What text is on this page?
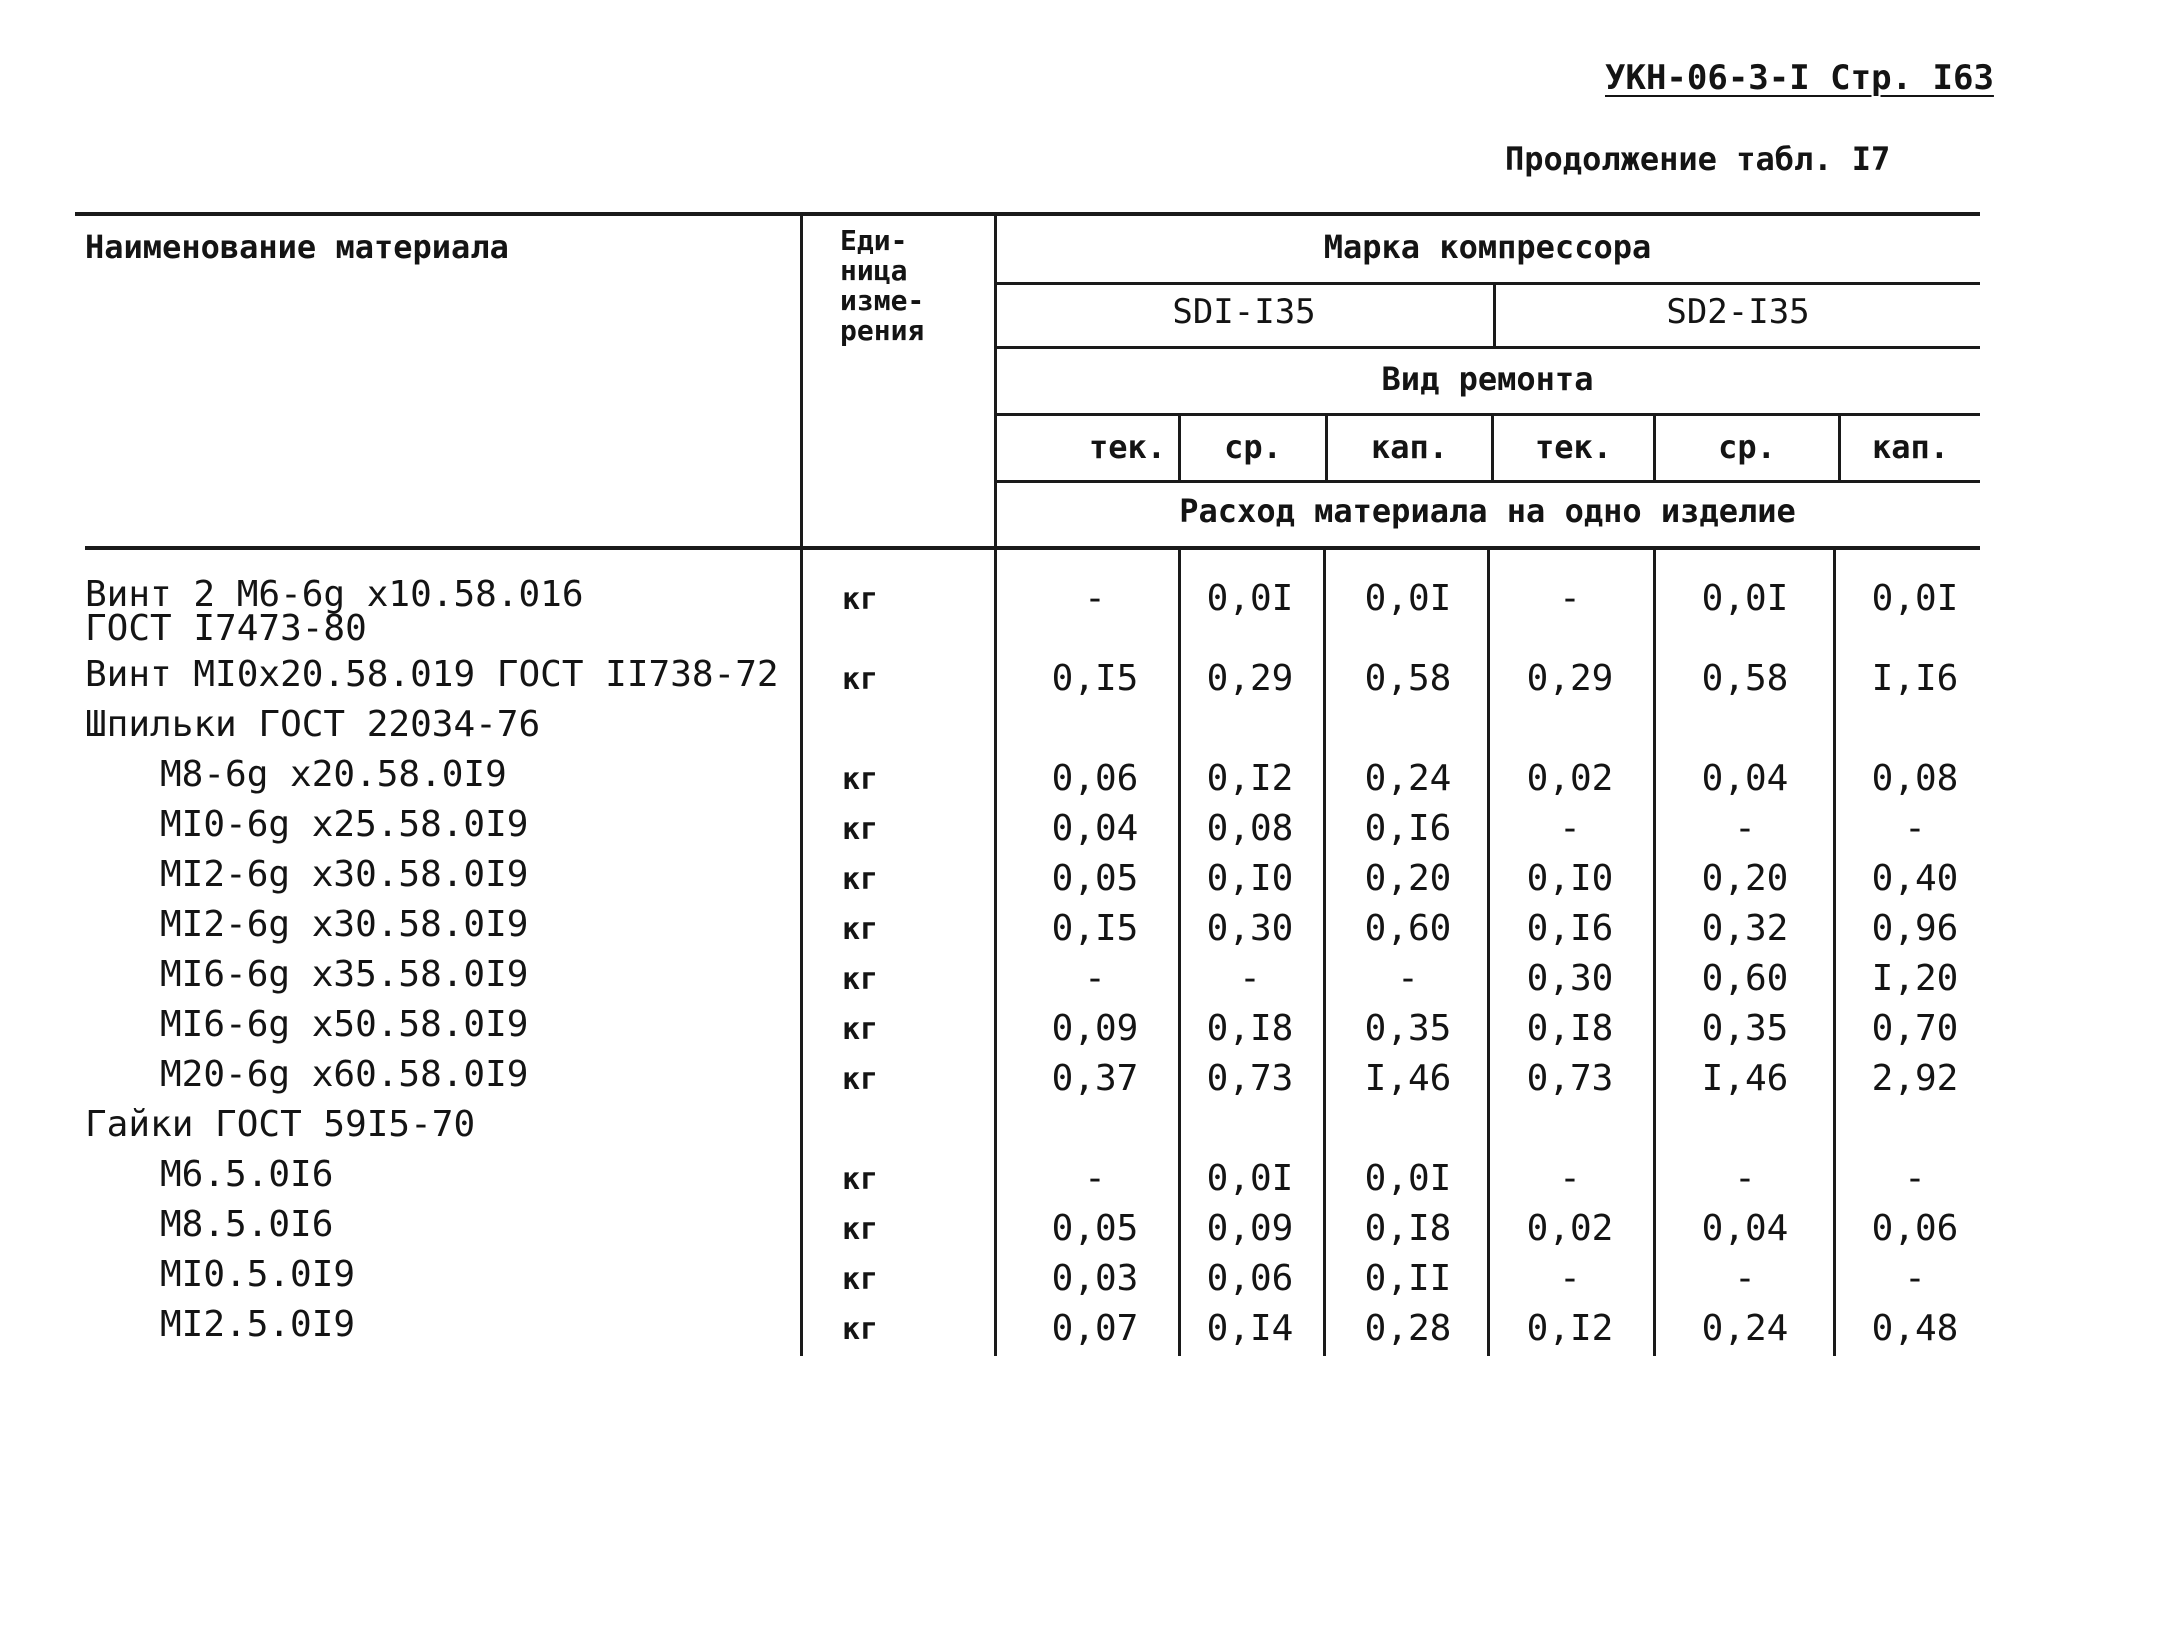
УКН-06-3-I Стр. I63
Продолжение табл. I7
Наименование материала	Еди-
ница
изме-
рения
Марка компрессора
SDI-I35	SD2-I35
Вид ремонта
тек.	ср.	кап.	тек.	ср.	кап.
Расход материала на одно изделие
Винт 2 М6-6g х10.58.016
ГОСТ I7473-80
кг	-	0,0I	0,0I	-	0,0I	0,0I
Винт МI0х20.58.019 ГОСТ II738-72	кг	0,I5	0,29	0,58	0,29	0,58	I,I6
Шпильки ГОСТ 22034-76
М8-6g х20.58.0I9	кг	0,06	0,I2	0,24	0,02	0,04	0,08
МI0-6g х25.58.0I9	кг	0,04	0,08	0,I6	-	-	-
МI2-6g х30.58.0I9	кг	0,05	0,I0	0,20	0,I0	0,20	0,40
МI2-6g х30.58.0I9	кг	0,I5	0,30	0,60	0,I6	0,32	0,96
МI6-6g х35.58.0I9	кг	-	-	-	0,30	0,60	I,20
МI6-6g х50.58.0I9	кг	0,09	0,I8	0,35	0,I8	0,35	0,70
М20-6g х60.58.0I9	кг	0,37	0,73	I,46	0,73	I,46	2,92
Гайки ГОСТ 59I5-70
М6.5.0I6	кг	-	0,0I	0,0I	-	-	-
М8.5.0I6	кг	0,05	0,09	0,I8	0,02	0,04	0,06
МI0.5.0I9	кг	0,03	0,06	0,II	-	-	-
МI2.5.0I9	кг	0,07	0,I4	0,28	0,I2	0,24	0,48
